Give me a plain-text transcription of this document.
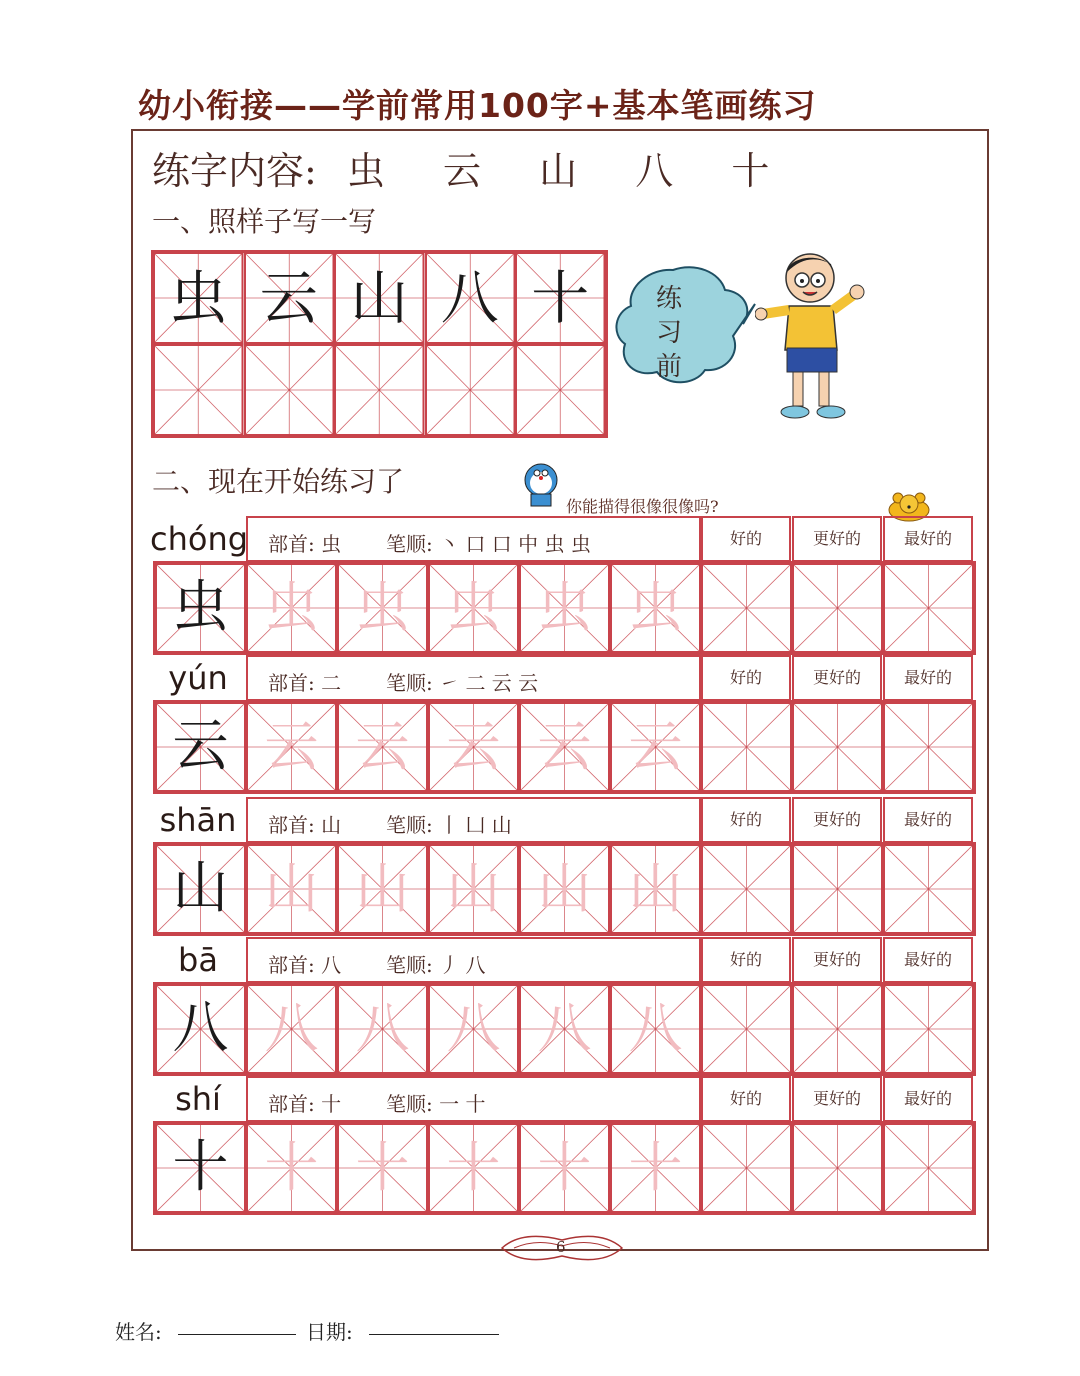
幼小衔接——学前常用100字+基本笔画练习
练字内容: 虫 云 山 八 十
一、照样子写一写
虫 云 山 八 十	练习前
二、现在开始练习了
你能描得很像很像吗?
chóng 部首: 虫 笔顺: 丶 口 口 中 虫 虫	好的	更好的	最好的
虫 虫 虫 虫 虫 虫
yún	部首: 二 笔顺: ㇀ 二 云 云	好的	更好的	最好的
云 云 云 云 云 云
shān	部首: 山 笔顺: 丨 凵 山	好的	更好的	最好的
山 山 山 山 山 山
bā	部首: 八 笔顺: 丿 八	好的	更好的	最好的
八 八 八 八 八 八
shí	部首: 十 笔顺: 一 十	好的	更好的	最好的
十 十 十 十 十 十
6
姓名:	日期:
